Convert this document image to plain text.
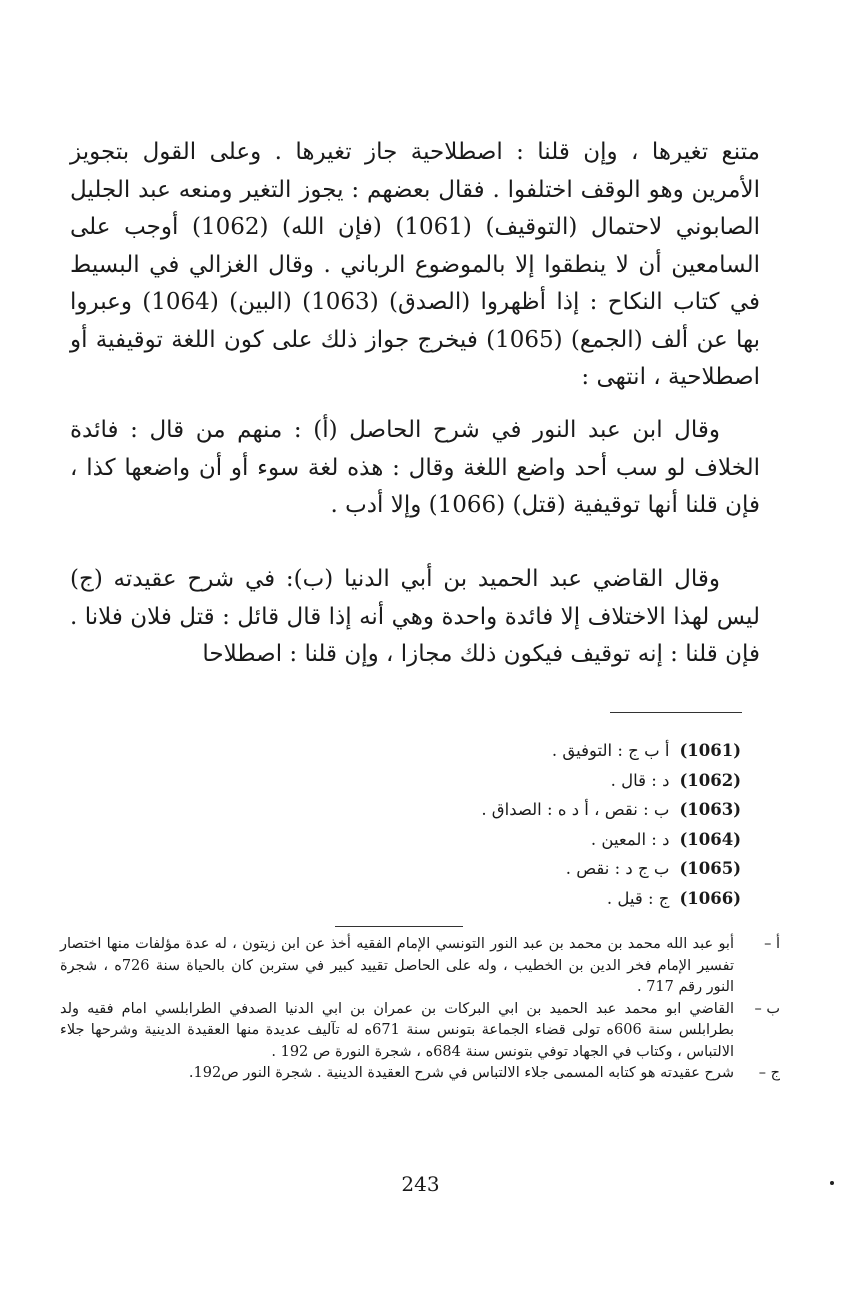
متنع تغيرها ، وإن قلنا : اصطلاحية جاز تغيرها . وعلى القول بتجويز الأمرين وهو الوقف اختلفوا . فقال بعضهم : يجوز التغير ومنعه عبد الجليل الصابوني لاحتمال (التوقيف) (1061) (فإن الله) (1062) أوجب على السامعين أن لا ينطقوا إلا بالموضوع الرباني . وقال الغزالي في البسيط في كتاب النكاح : إذا أظهروا (الصدق) (1063) (البين) (1064) وعبروا بها عن ألف (الجمع) (1065) فيخرج جواز ذلك على كون اللغة توقيفية أو اصطلاحية ، انتهى :

وقال ابن عبد النور في شرح الحاصل (أ) : منهم من قال : فائدة الخلاف لو سب أحد واضع اللغة وقال : هذه لغة سوء أو أن واضعها كذا ، فإن قلنا أنها توقيفية (قتل) (1066) وإلا أدب .

وقال القاضي عبد الحميد بن أبي الدنيا (ب): في شرح عقيدته (ج) ليس لهذا الاختلاف إلا فائدة واحدة وهي أنه إذا قال قائل : قتل فلان فلانا . فإن قلنا : إنه توقيف فيكون ذلك مجازا ، وإن قلنا : اصطلاحا

(1061)أ ب ج : التوفيق .
(1062)د : قال .
(1063)ب : نقص ، أ د ه : الصداق .
(1064)د : المعين .
(1065)ب ج د : نقص .
(1066)ج : قيل .
أ –

أبو عبد الله محمد بن محمد بن عبد النور التونسي الإمام الفقيه أخذ عن ابن زيتون ، له عدة مؤلفات منها اختصار تفسير الإمام فخر الدين بن الخطيب ، وله على الحاصل تقييد كبير في ستربن كان بالحياة سنة 726ه ، شجرة النور رقم 717 .

ب –

القاضي ابو محمد عبد الحميد بن ابي البركات بن عمران بن ابي الدنيا الصدفي الطرابلسي امام فقيه ولد بطرابلس سنة 606ه تولى قضاء الجماعة بتونس سنة 671ه له تآليف عديدة منها العقيدة الدينية وشرحها جلاء الالتباس ، وكتاب في الجهاد توفي بتونس سنة 684ه ، شجرة النورة ص 192 .

ج –

شرح عقيدته هو كتابه المسمى جلاء الالتباس في شرح العقيدة الدينية . شجرة النور ص192.

243
